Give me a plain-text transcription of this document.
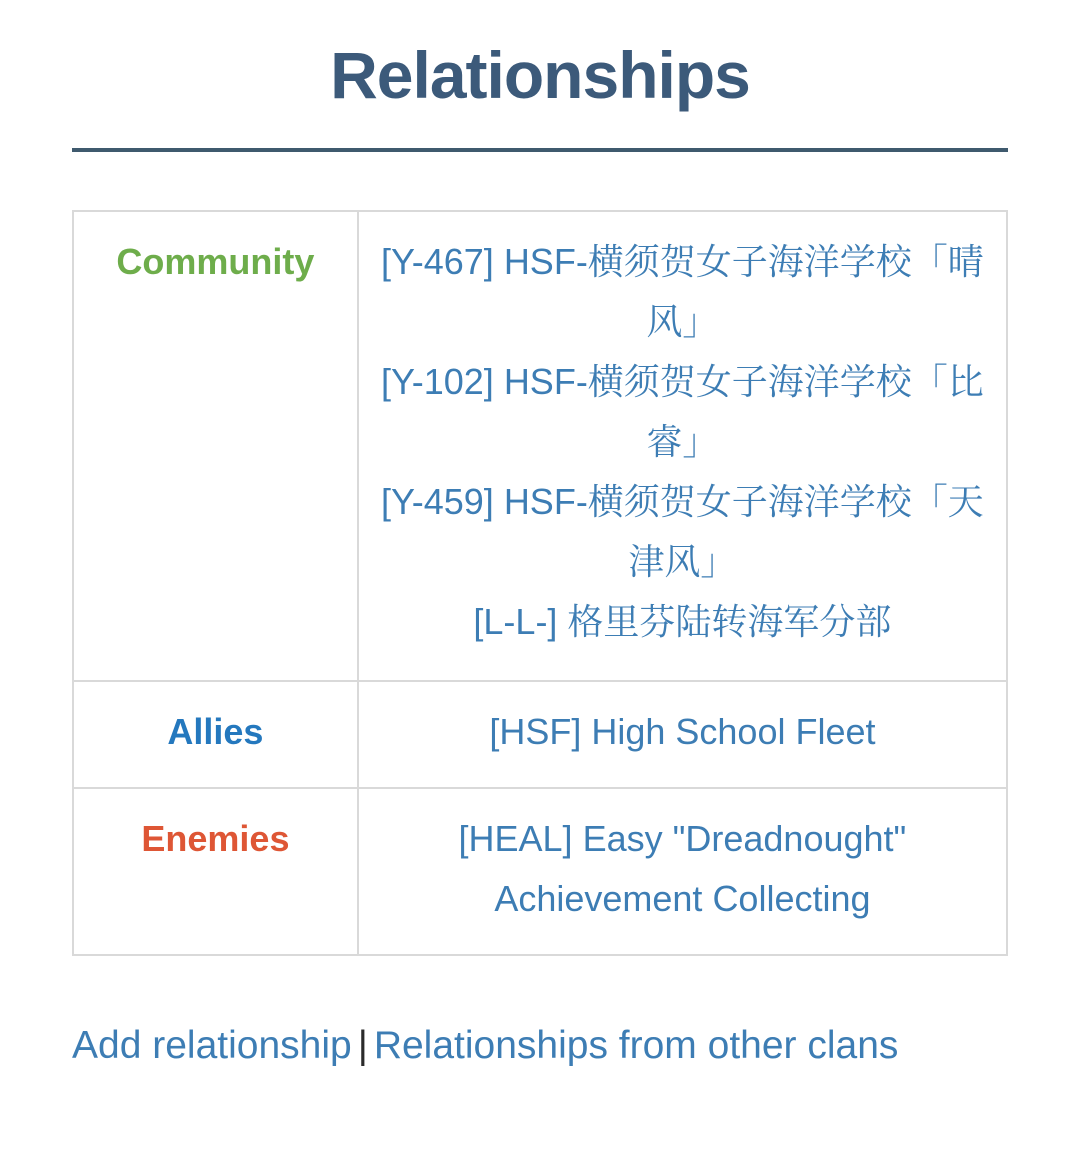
Relationships
Community	[Y-467] HSF-横须贺女子海洋学校「晴风」
[Y-102] HSF-横须贺女子海洋学校「比睿」
[Y-459] HSF-横须贺女子海洋学校「天津风」
[L-L-] 格里芬陆转海军分部

Allies	[HSF] High School Fleet

Enemies	[HEAL] Easy "Dreadnought" Achievement Collecting

Add relationship | Relationships from other clans
